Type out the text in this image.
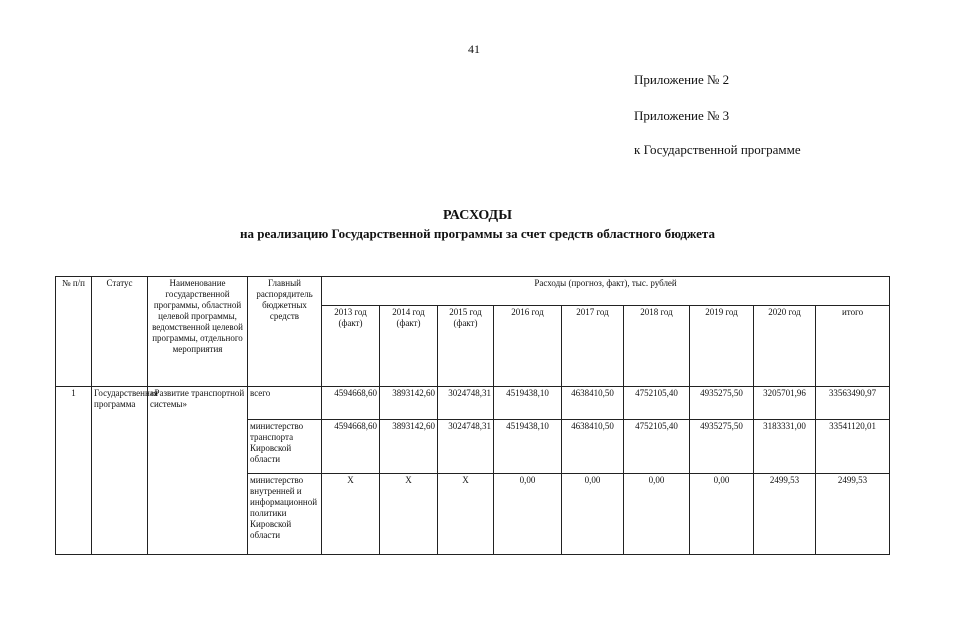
41
Приложение № 2
Приложение № 3
к Государственной программе
РАСХОДЫ
на реализацию Государственной программы за счет средств областного бюджета
№ п/п	Статус	Наименование государственной программы, областной целевой программы, ведомственной целевой программы, отдельного мероприятия	Главный распорядитель бюджетных средств	Расходы (прогноз, факт), тыс. рублей								
				2013 год (факт)	2014 год (факт)	2015 год (факт)	2016 год	2017 год	2018 год	2019 год	2020 год	итого
1	Государственная программа	«Развитие транспортной системы»	всего	4594668,60	3893142,60	3024748,31	4519438,10	4638410,50	4752105,40	4935275,50	3205701,96	33563490,97
			министерство транспорта Кировской области	4594668,60	3893142,60	3024748,31	4519438,10	4638410,50	4752105,40	4935275,50	3183331,00	33541120,01
			министерство внутренней и информационной политики Кировской области	Х	Х	Х	0,00	0,00	0,00	0,00	2499,53	2499,53
